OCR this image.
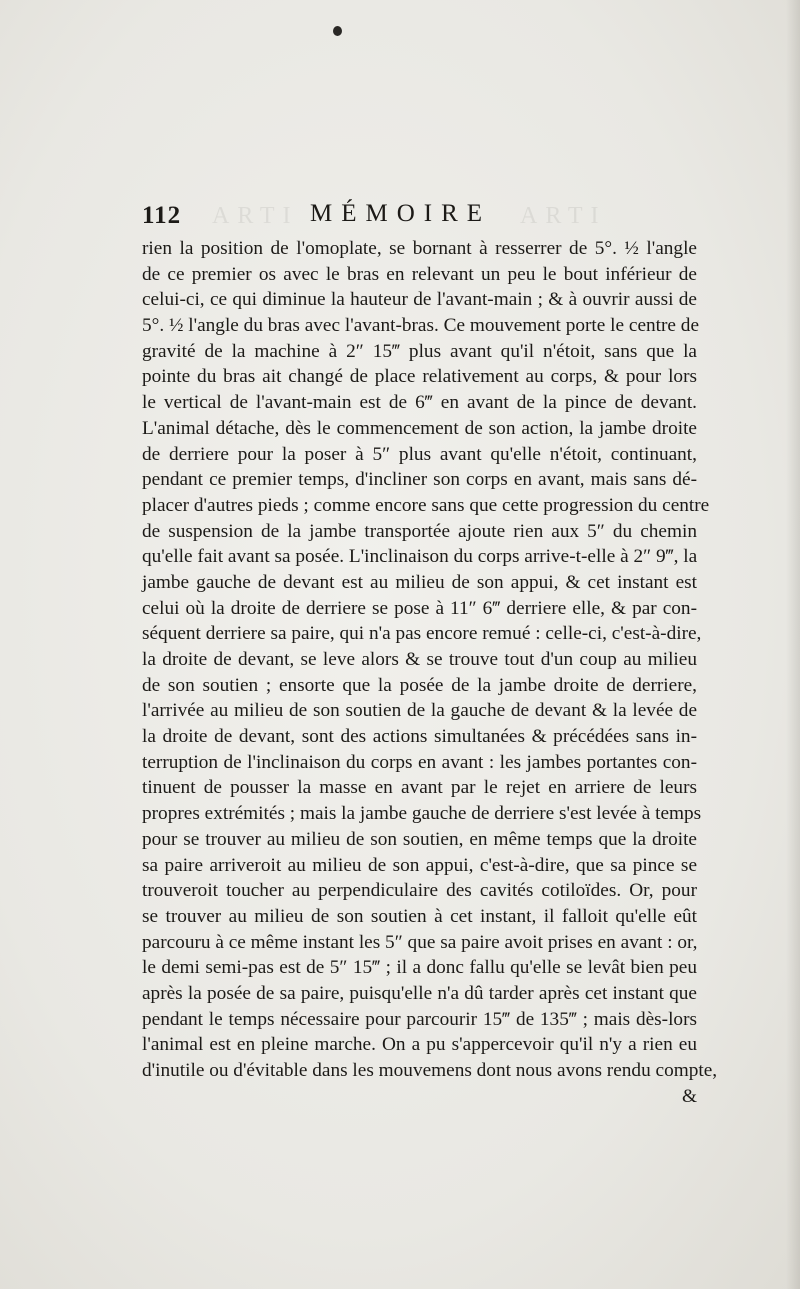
112	MÉMOIRE
ARTI	ARTI
rien la position de l'omoplate, se bornant à resserrer de 5°. ½ l'angle
de ce premier os avec le bras en relevant un peu le bout inférieur de
celui-ci, ce qui diminue la hauteur de l'avant-main ; & à ouvrir aussi de
5°. ½ l'angle du bras avec l'avant-bras. Ce mouvement porte le centre de
gravité de la machine à 2″ 15‴ plus avant qu'il n'étoit, sans que la
pointe du bras ait changé de place relativement au corps, & pour lors
le vertical de l'avant-main est de 6‴ en avant de la pince de devant.
L'animal détache, dès le commencement de son action, la jambe droite
de derriere pour la poser à 5″ plus avant qu'elle n'étoit, continuant,
pendant ce premier temps, d'incliner son corps en avant, mais sans dé-
placer d'autres pieds ; comme encore sans que cette progression du centre
de suspension de la jambe transportée ajoute rien aux 5″ du chemin
qu'elle fait avant sa posée. L'inclinaison du corps arrive-t-elle à 2″ 9‴, la
jambe gauche de devant est au milieu de son appui, & cet instant est
celui où la droite de derriere se pose à 11″ 6‴ derriere elle, & par con-
séquent derriere sa paire, qui n'a pas encore remué : celle-ci, c'est-à-dire,
la droite de devant, se leve alors & se trouve tout d'un coup au milieu
de son soutien ; ensorte que la posée de la jambe droite de derriere,
l'arrivée au milieu de son soutien de la gauche de devant & la levée de
la droite de devant, sont des actions simultanées & précédées sans in-
terruption de l'inclinaison du corps en avant : les jambes portantes con-
tinuent de pousser la masse en avant par le rejet en arriere de leurs
propres extrémités ; mais la jambe gauche de derriere s'est levée à temps
pour se trouver au milieu de son soutien, en même temps que la droite
sa paire arriveroit au milieu de son appui, c'est-à-dire, que sa pince se
trouveroit toucher au perpendiculaire des cavités cotiloïdes. Or, pour
se trouver au milieu de son soutien à cet instant, il falloit qu'elle eût
parcouru à ce même instant les 5″ que sa paire avoit prises en avant : or,
le demi semi-pas est de 5″ 15‴ ; il a donc fallu qu'elle se levât bien peu
après la posée de sa paire, puisqu'elle n'a dû tarder après cet instant que
pendant le temps nécessaire pour parcourir 15‴ de 135‴ ; mais dès-lors
l'animal est en pleine marche. On a pu s'appercevoir qu'il n'y a rien eu
d'inutile ou d'évitable dans les mouvemens dont nous avons rendu compte,
&
